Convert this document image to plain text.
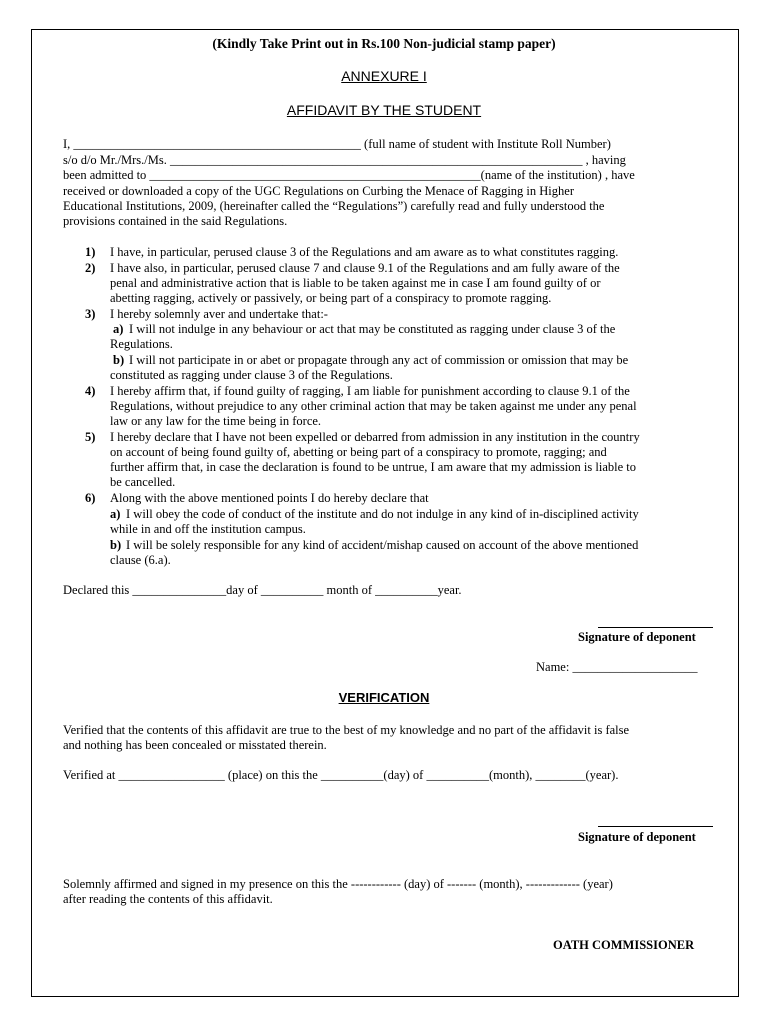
(Kindly Take Print out in Rs.100 Non-judicial stamp paper)
ANNEXURE I
AFFIDAVIT BY THE STUDENT
I, ______________________________________________ (full name of student with Institute Roll Number)
s/o d/o Mr./Mrs./Ms. __________________________________________________________________ , having
been admitted to _____________________________________________________(name of the institution) , have
received or downloaded a copy of the UGC Regulations on Curbing the Menace of Ragging in Higher
Educational Institutions, 2009, (hereinafter called the “Regulations”) carefully read and fully understood the
provisions contained in the said Regulations.
1) I have, in particular, perused clause 3 of the Regulations and am aware as to what constitutes ragging.
2) I have also, in particular, perused clause 7 and clause 9.1 of the Regulations and am fully aware of the
penal and administrative action that is liable to be taken against me in case I am found guilty of or
abetting ragging, actively or passively, or being part of a conspiracy to promote ragging.
3) I hereby solemnly aver and undertake that:-
a) I will not indulge in any behaviour or act that may be constituted as ragging under clause 3 of the
Regulations.
b) I will not participate in or abet or propagate through any act of commission or omission that may be
constituted as ragging under clause 3 of the Regulations.
4) I hereby affirm that, if found guilty of ragging, I am liable for punishment according to clause 9.1 of the
Regulations, without prejudice to any other criminal action that may be taken against me under any penal
law or any law for the time being in force.
5) I hereby declare that I have not been expelled or debarred from admission in any institution in the country
on account of being found guilty of, abetting or being part of a conspiracy to promote, ragging; and
further affirm that, in case the declaration is found to be untrue, I am aware that my admission is liable to
be cancelled.
6) Along with the above mentioned points I do hereby declare that
a) I will obey the code of conduct of the institute and do not indulge in any kind of in-disciplined activity
while in and off the institution campus.
b) I will be solely responsible for any kind of accident/mishap caused on account of the above mentioned
clause (6.a).
Declared this _______________day of __________ month of __________year.
Signature of deponent
Name: ____________________
VERIFICATION
Verified that the contents of this affidavit are true to the best of my knowledge and no part of the affidavit is false
and nothing has been concealed or misstated therein.
Verified at _________________ (place) on this the __________(day) of __________(month), ________(year).
Signature of deponent
Solemnly affirmed and signed in my presence on this the ------------ (day) of ------- (month), ------------- (year)
after reading the contents of this affidavit.
OATH COMMISSIONER
